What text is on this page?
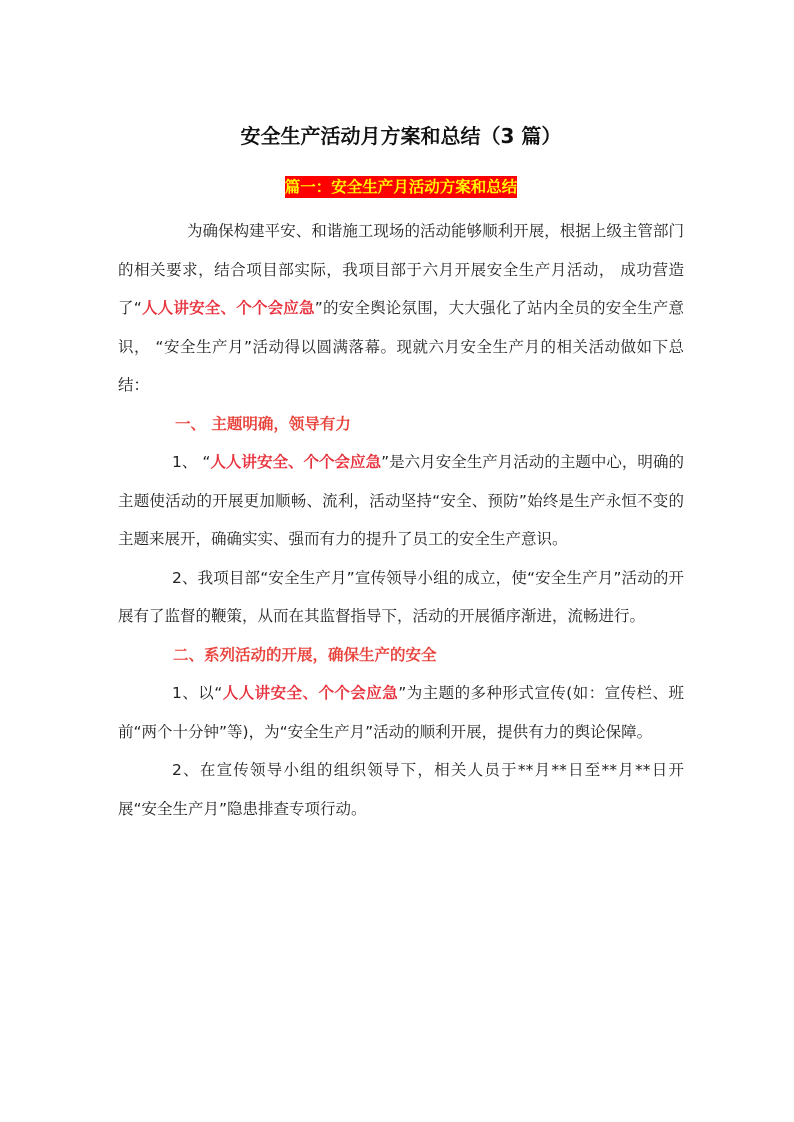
安全生产活动月方案和总结（3 篇）
篇一：安全生产月活动方案和总结

为确保构建平安、和谐施工现场的活动能够顺利开展，根据上级主管部门的相关要求，结合项目部实际，我项目部于六月开展安全生产月活动， 成功营造了“人人讲安全、个个会应急”的安全舆论氛围，大大强化了站内全员的安全生产意识， “安全生产月”活动得以圆满落幕。现就六月安全生产月的相关活动做如下总结：

一、 主题明确，领导有力

1、 “人人讲安全、个个会应急”是六月安全生产月活动的主题中心，明确的主题使活动的开展更加顺畅、流利，活动坚持“安全、预防”始终是生产永恒不变的主题来展开，确确实实、强而有力的提升了员工的安全生产意识。

2、我项目部“安全生产月”宣传领导小组的成立，使“安全生产月”活动的开展有了监督的鞭策，从而在其监督指导下，活动的开展循序渐进，流畅进行。

二、系列活动的开展，确保生产的安全

1、以“人人讲安全、个个会应急”为主题的多种形式宣传(如：宣传栏、班前“两个十分钟”等)，为“安全生产月”活动的顺利开展，提供有力的舆论保障。

2、在宣传领导小组的组织领导下，相关人员于**月**日至**月**日开展“安全生产月”隐患排查专项行动。
